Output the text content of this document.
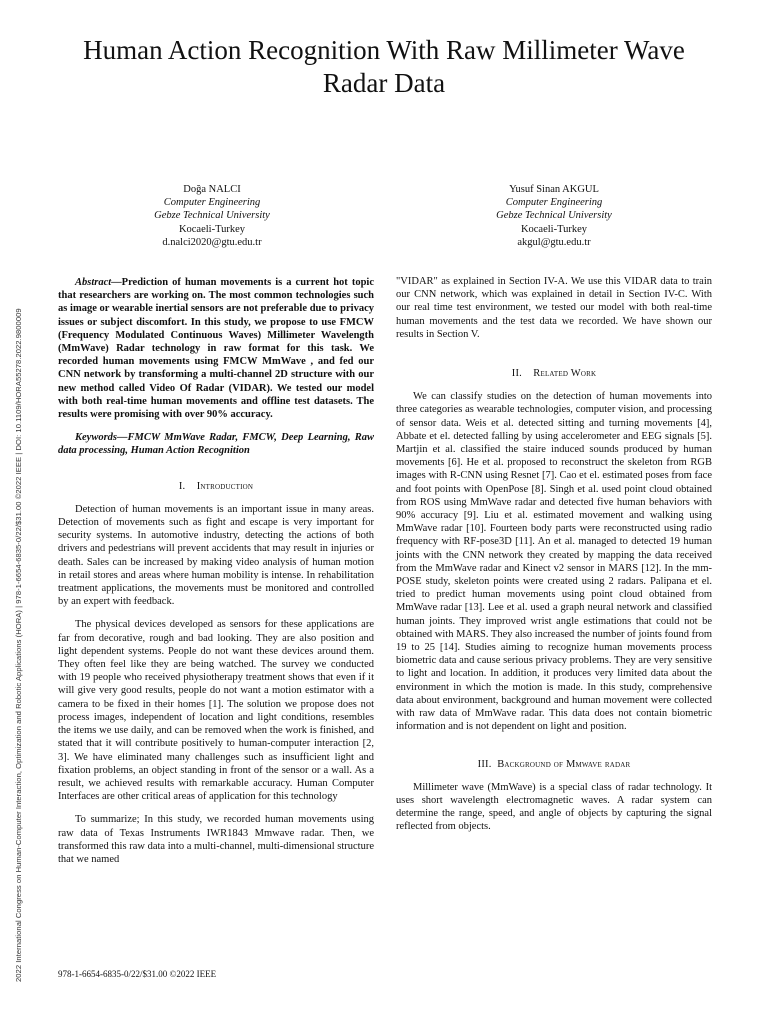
2022 International Congress on Human-Computer Interaction, Optimization and Robotic Applications (HORA) | 978-1-6654-6835-0/22/$31.00 ©2022 IEEE | DOI: 10.1109/HORA55278.2022.9800009
Human Action Recognition With Raw Millimeter Wave Radar Data
Doğa NALCI
Computer Engineering
Gebze Technical University
Kocaeli-Turkey
d.nalci2020@gtu.edu.tr
Yusuf Sinan AKGUL
Computer Engineering
Gebze Technical University
Kocaeli-Turkey
akgul@gtu.edu.tr

Abstract—Prediction of human movements is a current hot topic that researchers are working on. The most common technologies such as image or wearable inertial sensors are not preferable due to privacy issues or subject discomfort. In this study, we propose to use FMCW (Frequency Modulated Continuous Waves) Millimeter Wavelength (MmWave) Radar technology in raw format for this task. We recorded human movements using FMCW MmWave , and fed our CNN network by transforming a multi-channel 2D structure with our new method called Video Of Radar (VIDAR). We tested our model with both real-time human movements and offline test datasets. The results were promising with over 90% accuracy.

Keywords—FMCW MmWave Radar, FMCW, Deep Learning, Raw data processing, Human Action Recognition

I. Introduction

Detection of human movements is an important issue in many areas. Detection of movements such as fight and escape is very important for security systems. In automotive industry, detecting the actions of both drivers and pedestrians will prevent accidents that may result in injuries or death. Sales can be increased by making video analysis of human motion in retail stores and areas where human mobility is intense. In rehabilitation treatment applications, the movements must be monitored and controlled by an expert with feedback.

The physical devices developed as sensors for these applications are far from decorative, rough and bad looking. They are also position and light dependent systems. People do not want these devices around them. They often feel like they are being watched. The survey we conducted with 19 people who received physiotherapy treatment shows that even if it will give very good results, people do not want a motion estimator with a camera to be fixed in their homes [1]. The solution we propose does not process images, independent of location and light conditions, resembles the items we use daily, and can be removed when the work is finished, and stated that it will contribute positively to human-computer interaction [2, 3]. We have eliminated many challenges such as insufficient light and fixation problems, an object standing in front of the sensor or a wall. As a result, we achieved results with remarkable accuracy. Human Computer Interfaces are other critical areas of application for this technology

To summarize; In this study, we recorded human movements using raw data of Texas Instruments IWR1843 Mmwave radar. Then, we transformed this raw data into a multi-channel, multi-dimensional structure that we named

"VIDAR" as explained in Section IV-A. We use this VIDAR data to train our CNN network, which was explained in detail in Section IV-C. With our real time test environment, we tested our model with both real-time human movements and the test data we recorded. We have shown our results in Section V.

II. Related Work

We can classify studies on the detection of human movements into three categories as wearable technologies, computer vision, and processing of sensor data. Weis et al. detected sitting and turning movements [4], Abbate et el. detected falling by using accelerometer and EEG signals [5]. Martjin et al. classified the staire induced sounds produced by human movements [6]. He et al. proposed to reconstruct the skeleton from RGB images with R-CNN using Resnet [7]. Cao et el. estimated poses from face and foot points with OpenPose [8]. Singh et al. used point cloud obtained from ROS using MmWave radar and detected five human behaviors with 90% accuracy [9]. Liu et al. estimated movement and walking using MmWave radar [10]. Fourteen body parts were reconstructed using radio frequency with RF-pose3D [11]. An et al. managed to detected 19 human joints with the CNN network they created by mapping the data received from the MmWave radar and Kinect v2 sensor in MARS [12]. In the mm-POSE study, skeleton points were created using 2 radars. Palipana et el. tried to predict human movements using point cloud obtained from MmWave radar [13]. Lee et al. used a graph neural network and classified human joints. They improved wrist angle estimations that could not be obtained with MARS. They also increased the number of joints found from 19 to 25 [14]. Studies aiming to recognize human movements process biometric data and cause serious privacy problems. They are very sensitive to light and location. In addition, it produces very limited data about the environment in which the motion is made. In this study, comprehensive data about environment, background and human movement were collected with raw data of MmWave radar. This data does not contain biometric information and is not dependent on light and position.

III. Background of Mmwave radar

Millimeter wave (MmWave) is a special class of radar technology. It uses short wavelength electromagnetic waves. A radar system can determine the range, speed, and angle of objects by capturing the signal reflected from objects.

978-1-6654-6835-0/22/$31.00 ©2022 IEEE
